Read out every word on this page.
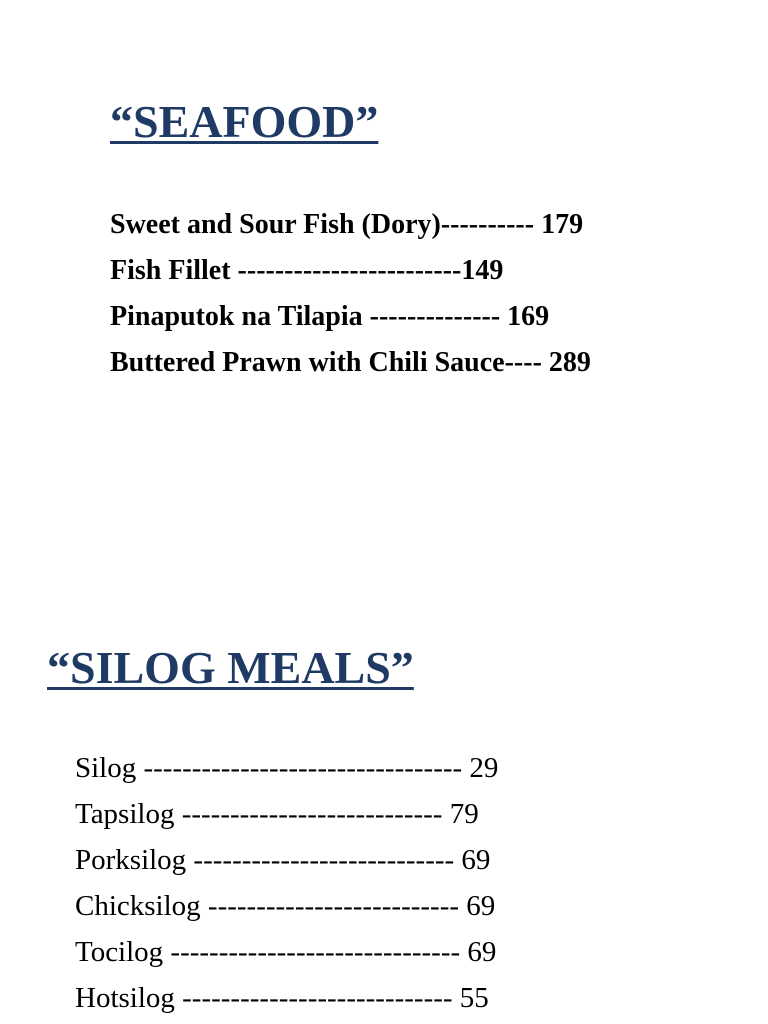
“SEAFOOD”
Sweet and Sour Fish (Dory)---------- 179
Fish Fillet ------------------------149
Pinaputok na Tilapia -------------- 169
Buttered Prawn with Chili Sauce---- 289
“SILOG MEALS”
Silog --------------------------------- 29
Tapsilog --------------------------- 79
Porksilog --------------------------- 69
Chicksilog -------------------------- 69
Tocilog ------------------------------ 69
Hotsilog ---------------------------- 55
